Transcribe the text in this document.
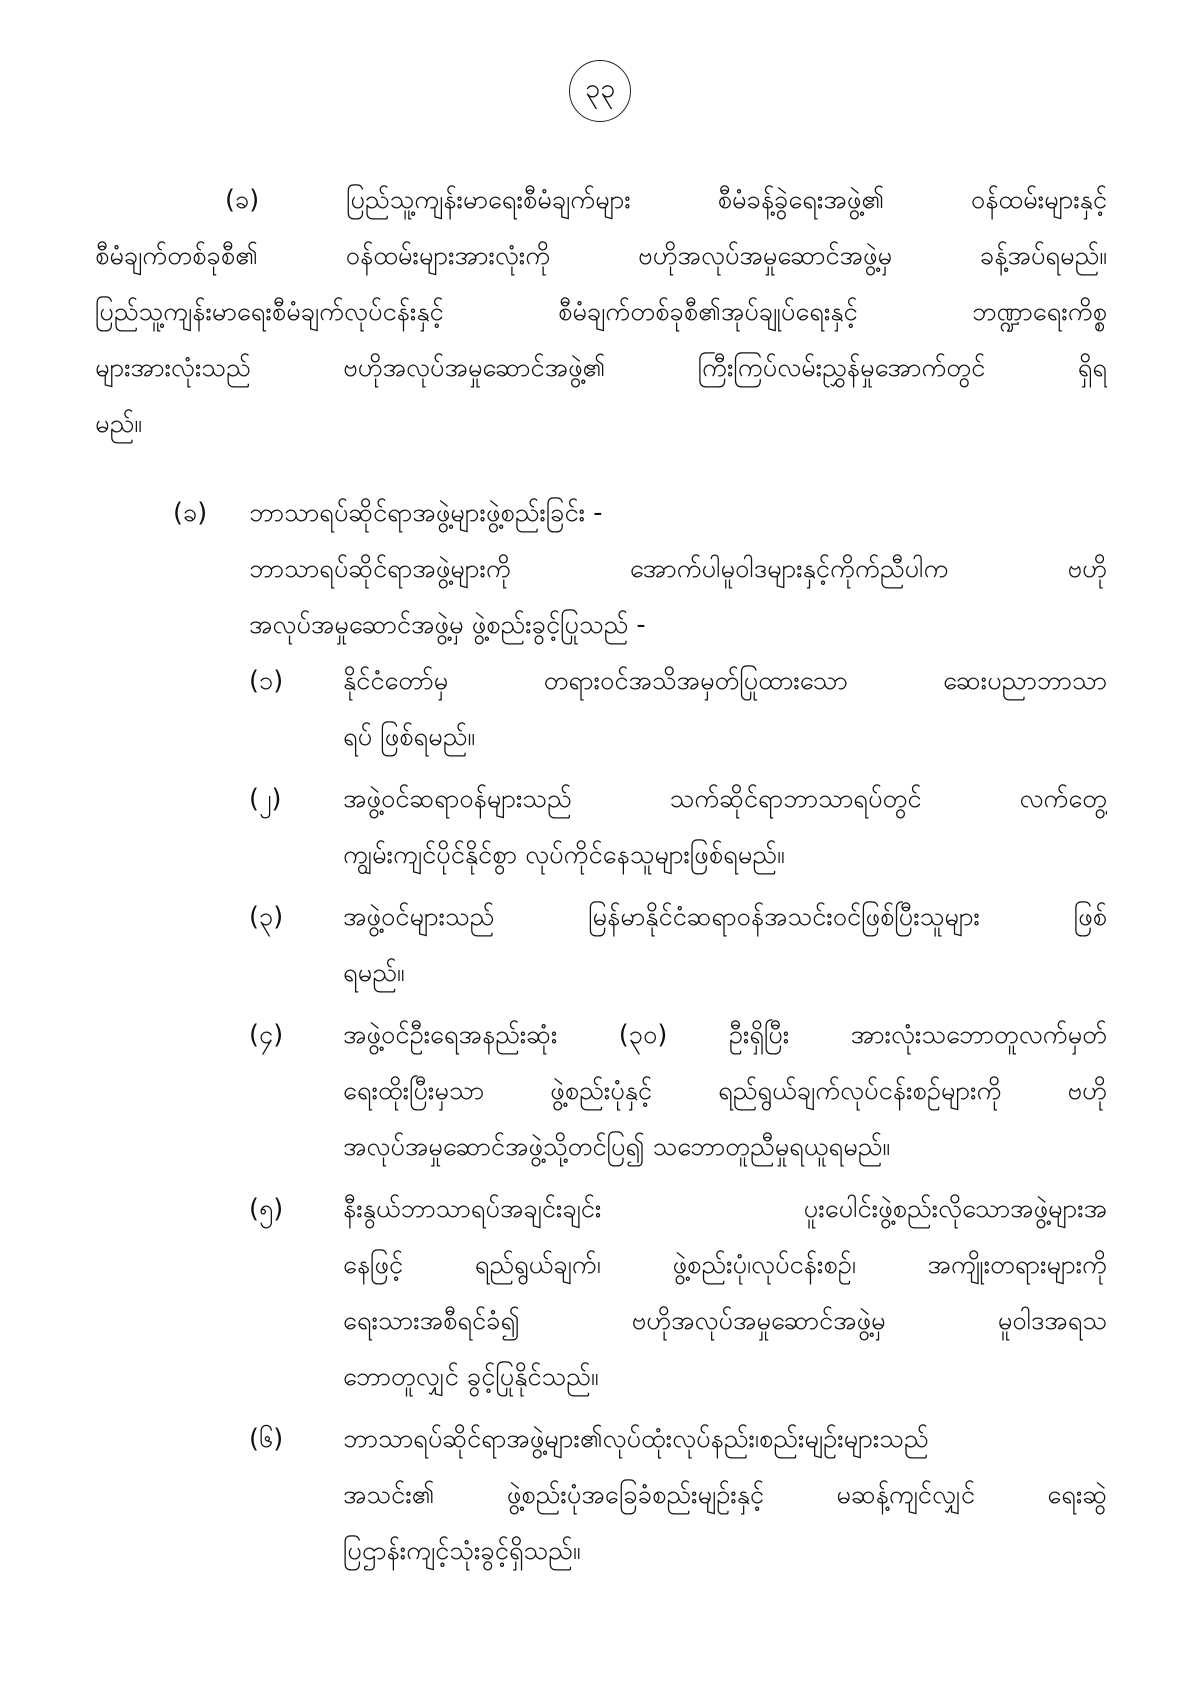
၃၃
(ခ) ပြည်သူ့ကျန်းမာရေးစီမံချက်များ စီမံခန့်ခွဲရေးအဖွဲ့၏ ဝန်ထမ်းများနှင့်
စီမံချက်တစ်ခုစီ၏ ဝန်ထမ်းများအားလုံးကို ဗဟိုအလုပ်အမှုဆောင်အဖွဲ့မှ ခန့်အပ်ရမည်။
ပြည်သူ့ကျန်းမာရေးစီမံချက်လုပ်ငန်းနှင့် စီမံချက်တစ်ခုစီ၏အုပ်ချုပ်ရေးနှင့် ဘဏ္ဍာရေးကိစ္စ
များအားလုံးသည် ဗဟိုအလုပ်အမှုဆောင်အဖွဲ့၏ ကြီးကြပ်လမ်းညွှန်မှုအောက်တွင် ရှိရ
မည်။
(ခ) ဘာသာရပ်ဆိုင်ရာအဖွဲ့များဖွဲ့စည်းခြင်း -
ဘာသာရပ်ဆိုင်ရာအဖွဲ့များကို အောက်ပါမူဝါဒများနှင့်ကိုက်ညီပါက ဗဟို
အလုပ်အမှုဆောင်အဖွဲ့မှ ဖွဲ့စည်းခွင့်ပြုသည် -
(၁) နိုင်ငံတော်မှ တရားဝင်အသိအမှတ်ပြုထားသော ဆေးပညာဘာသာ
ရပ် ဖြစ်ရမည်။
(၂) အဖွဲ့ဝင်ဆရာဝန်များသည် သက်ဆိုင်ရာဘာသာရပ်တွင် လက်တွေ့
ကျွမ်းကျင်ပိုင်နိုင်စွာ လုပ်ကိုင်နေသူများဖြစ်ရမည်။
(၃) အဖွဲ့ဝင်များသည် မြန်မာနိုင်ငံဆရာဝန်အသင်းဝင်ဖြစ်ပြီးသူများ ဖြစ်
ရမည်။
(၄) အဖွဲ့ဝင်ဦးရေအနည်းဆုံး (၃၀) ဦးရှိပြီး အားလုံးသဘောတူလက်မှတ်
ရေးထိုးပြီးမှသာ ဖွဲ့စည်းပုံနှင့် ရည်ရွယ်ချက်လုပ်ငန်းစဉ်များကို ဗဟို
အလုပ်အမှုဆောင်အဖွဲ့သို့တင်ပြ၍ သဘောတူညီမှုရယူရမည်။
(၅) နီးနွယ်ဘာသာရပ်အချင်းချင်း ပူးပေါင်းဖွဲ့စည်းလိုသောအဖွဲ့များအ
နေဖြင့် ရည်ရွယ်ချက်၊ ဖွဲ့စည်းပုံ၊လုပ်ငန်းစဉ်၊ အကျိုးတရားများကို
ရေးသားအစီရင်ခံ၍ ဗဟိုအလုပ်အမှုဆောင်အဖွဲ့မှ မူဝါဒအရသ
ဘောတူလျှင် ခွင့်ပြုနိုင်သည်။
(၆) ဘာသာရပ်ဆိုင်ရာအဖွဲ့များ၏လုပ်ထုံးလုပ်နည်း၊စည်းမျဉ်းများသည်
အသင်း၏ ဖွဲ့စည်းပုံအခြေခံစည်းမျဉ်းနှင့် မဆန့်ကျင်လျှင် ရေးဆွဲ
ပြဌာန်းကျင့်သုံးခွင့်ရှိသည်။
